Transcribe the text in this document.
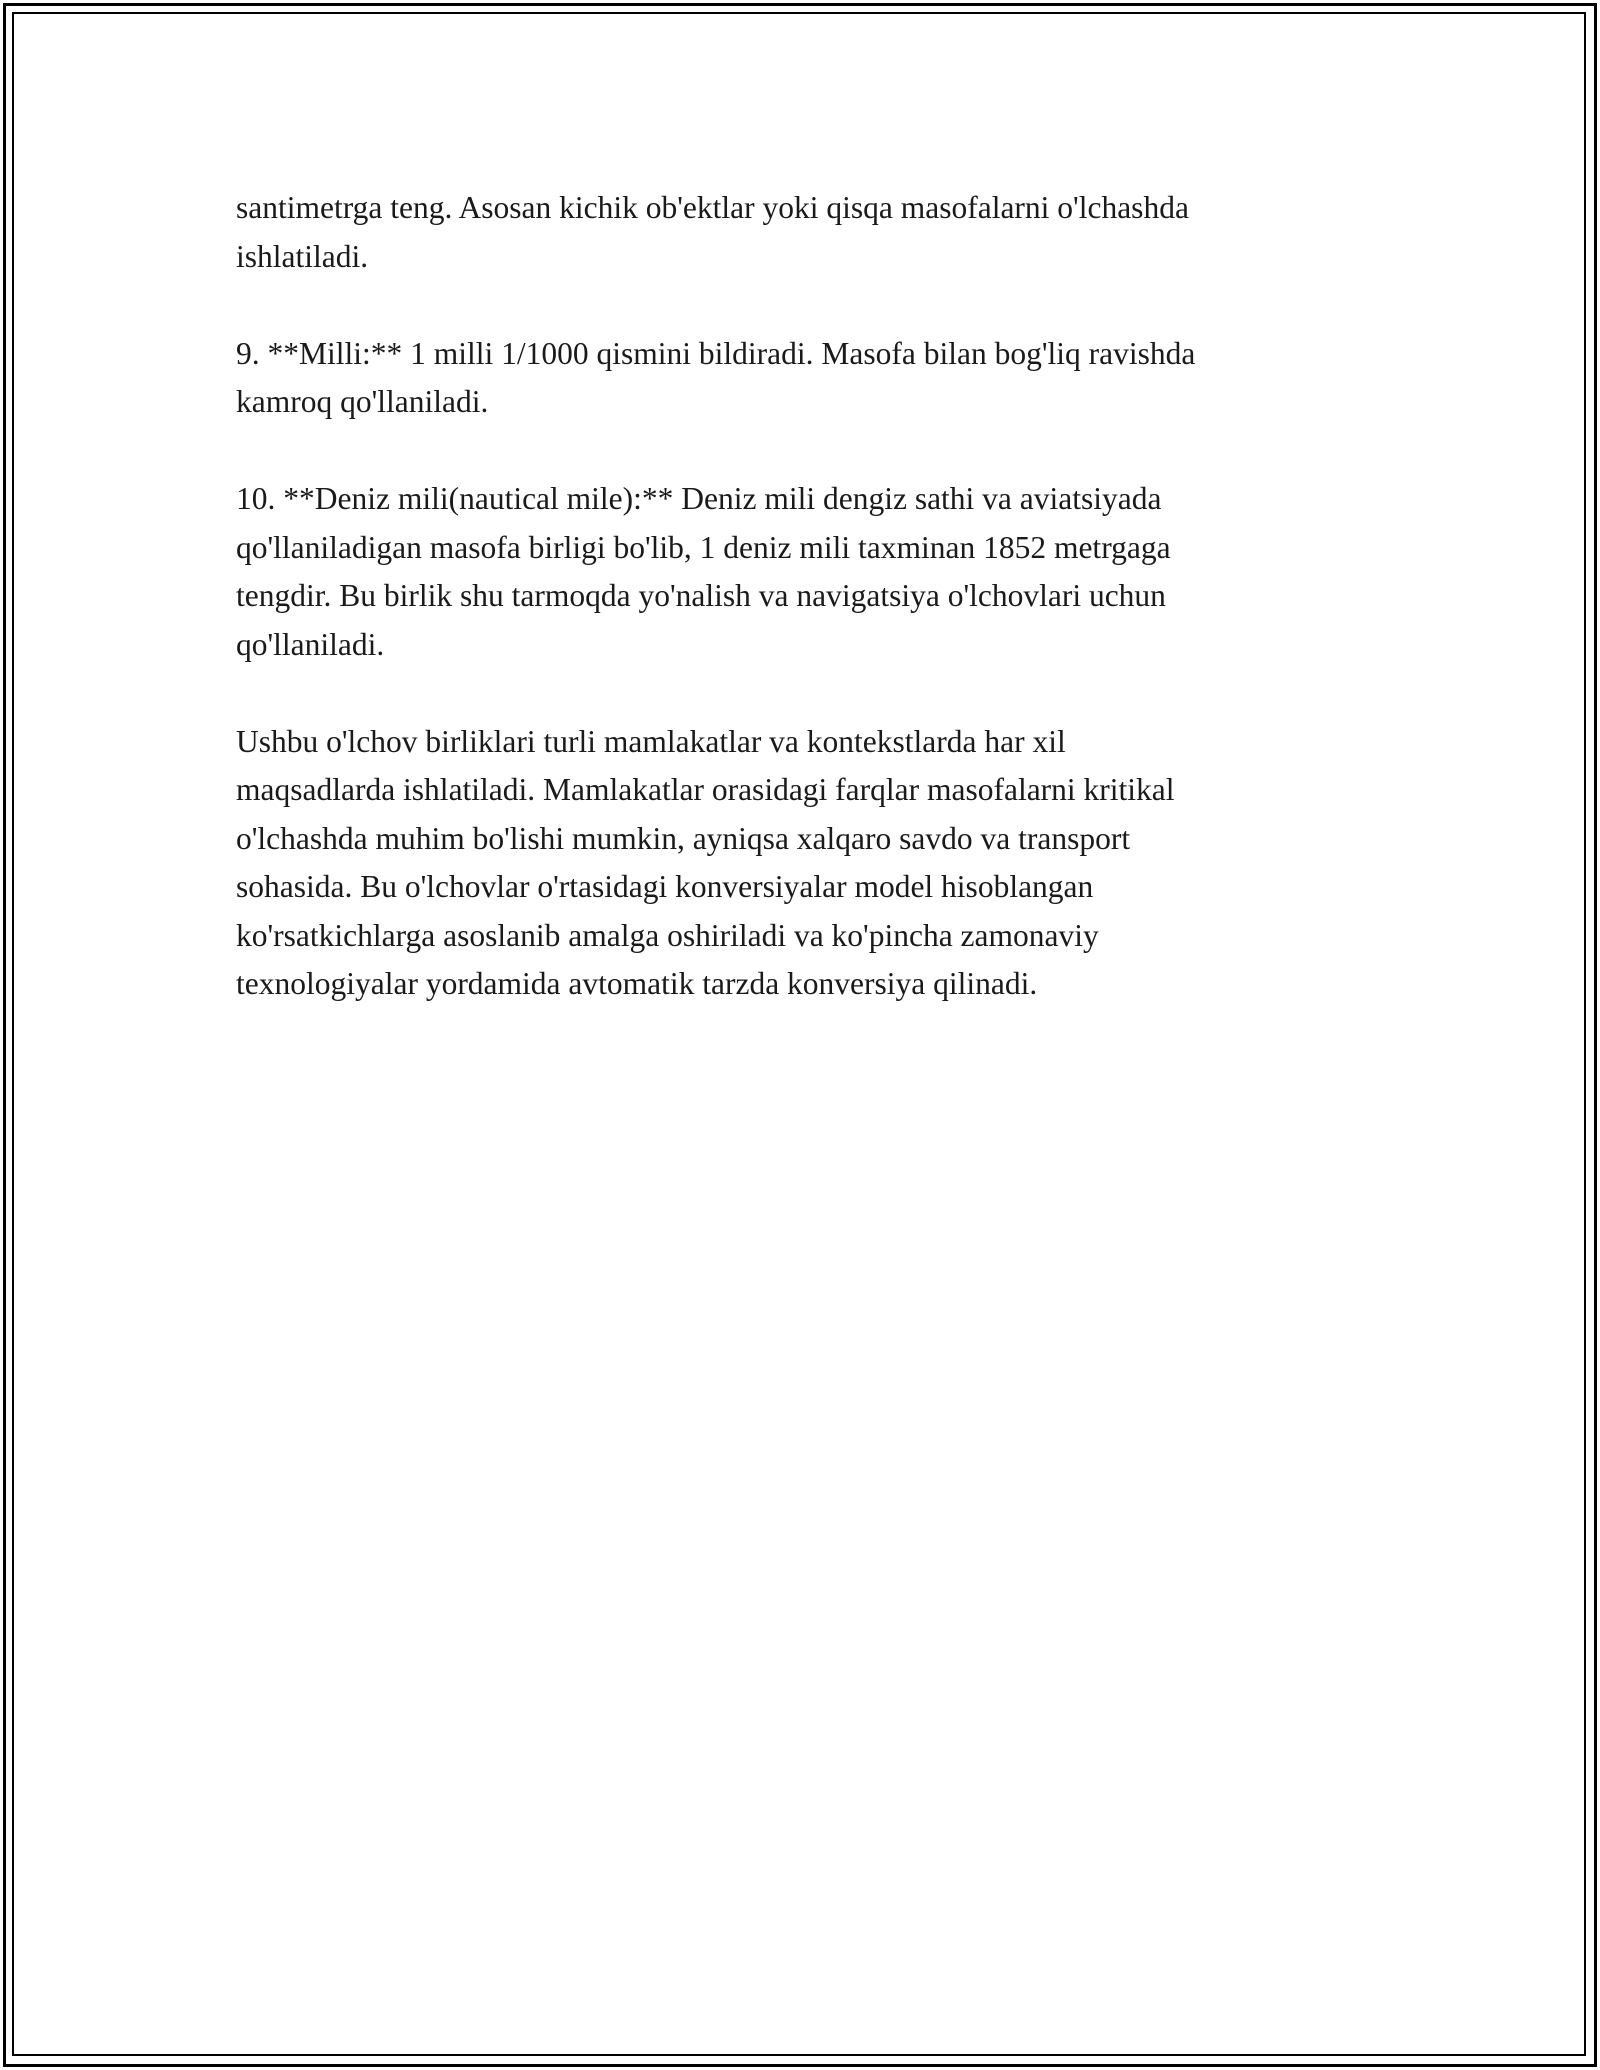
santimetrga teng. Asosan kichik ob'ektlar yoki qisqa masofalarni o'lchashda
ishlatiladi.

9. **Milli:** 1 milli 1/1000 qismini bildiradi. Masofa bilan bog'liq ravishda
kamroq qo'llaniladi.

10. **Deniz mili(nautical mile):** Deniz mili dengiz sathi va aviatsiyada
qo'llaniladigan masofa birligi bo'lib, 1 deniz mili taxminan 1852 metrgaga
tengdir. Bu birlik shu tarmoqda yo'nalish va navigatsiya o'lchovlari uchun
qo'llaniladi.

Ushbu o'lchov birliklari turli mamlakatlar va kontekstlarda har xil
maqsadlarda ishlatiladi. Mamlakatlar orasidagi farqlar masofalarni kritikal
o'lchashda muhim bo'lishi mumkin, ayniqsa xalqaro savdo va transport
sohasida. Bu o'lchovlar o'rtasidagi konversiyalar model hisoblangan
ko'rsatkichlarga asoslanib amalga oshiriladi va ko'pincha zamonaviy
texnologiyalar yordamida avtomatik tarzda konversiya qilinadi.
